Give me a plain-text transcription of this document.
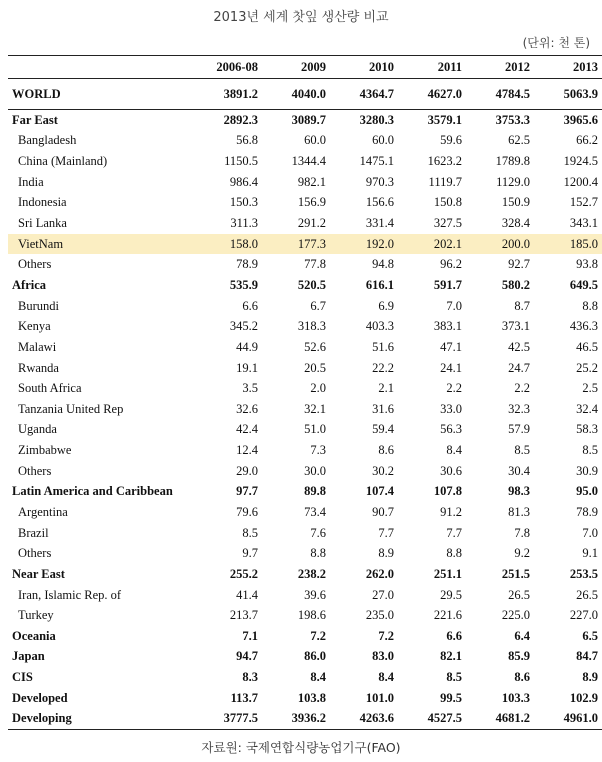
2013년 세계 찻잎 생산량 비교
(단위: 천 톤)
	2006-08	2009	2010	2011	2012	2013
WORLD	3891.2	4040.0	4364.7	4627.0	4784.5	5063.9
Far East	2892.3	3089.7	3280.3	3579.1	3753.3	3965.6
Bangladesh	56.8	60.0	60.0	59.6	62.5	66.2
China (Mainland)	1150.5	1344.4	1475.1	1623.2	1789.8	1924.5
India	986.4	982.1	970.3	1119.7	1129.0	1200.4
Indonesia	150.3	156.9	156.6	150.8	150.9	152.7
Sri Lanka	311.3	291.2	331.4	327.5	328.4	343.1
VietNam	158.0	177.3	192.0	202.1	200.0	185.0
Others	78.9	77.8	94.8	96.2	92.7	93.8
Africa	535.9	520.5	616.1	591.7	580.2	649.5
Burundi	6.6	6.7	6.9	7.0	8.7	8.8
Kenya	345.2	318.3	403.3	383.1	373.1	436.3
Malawi	44.9	52.6	51.6	47.1	42.5	46.5
Rwanda	19.1	20.5	22.2	24.1	24.7	25.2
South Africa	3.5	2.0	2.1	2.2	2.2	2.5
Tanzania United Rep	32.6	32.1	31.6	33.0	32.3	32.4
Uganda	42.4	51.0	59.4	56.3	57.9	58.3
Zimbabwe	12.4	7.3	8.6	8.4	8.5	8.5
Others	29.0	30.0	30.2	30.6	30.4	30.9
Latin America and Caribbean	97.7	89.8	107.4	107.8	98.3	95.0
Argentina	79.6	73.4	90.7	91.2	81.3	78.9
Brazil	8.5	7.6	7.7	7.7	7.8	7.0
Others	9.7	8.8	8.9	8.8	9.2	9.1
Near East	255.2	238.2	262.0	251.1	251.5	253.5
Iran, Islamic Rep. of	41.4	39.6	27.0	29.5	26.5	26.5
Turkey	213.7	198.6	235.0	221.6	225.0	227.0
Oceania	7.1	7.2	7.2	6.6	6.4	6.5
Japan	94.7	86.0	83.0	82.1	85.9	84.7
CIS	8.3	8.4	8.4	8.5	8.6	8.9
Developed	113.7	103.8	101.0	99.5	103.3	102.9
Developing	3777.5	3936.2	4263.6	4527.5	4681.2	4961.0
자료원: 국제연합식량농업기구(FAO)
